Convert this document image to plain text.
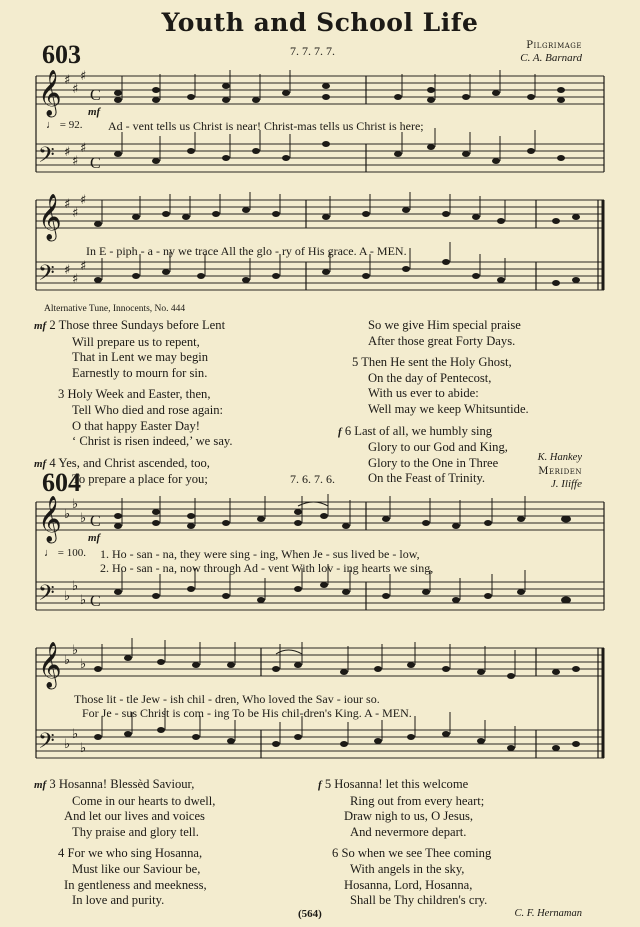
Youth and School Life
603	7. 7. 7. 7.	Pilgrimage
C. A. Barnard
𝄞
𝄢
♯
♯
♯
♯
♯
♯
C
C
mf
♩ = 92. Ad - vent tells us Christ is near! Christ-mas tells us Christ is here;
𝄞
𝄢
♯
♯
♯
♯
♯
♯
In E - piph - a - ny we trace All the glo - ry of His grace. A - MEN.
Alternative Tune, Innocents, No. 444
mf 2 Those three Sundays before Lent
Will prepare us to repent,
That in Lent we may begin
Earnestly to mourn for sin.
3 Holy Week and Easter, then,
Tell Who died and rose again:
O that happy Easter Day!
‘ Christ is risen indeed,’ we say.
mf 4 Yes, and Christ ascended, too,
To prepare a place for you;
So we give Him special praise
After those great Forty Days.
5 Then He sent the Holy Ghost,
On the day of Pentecost,
With us ever to abide:
Well may we keep Whitsuntide.
f 6 Last of all, we humbly sing
Glory to our God and King,
Glory to the One in Three
On the Feast of Trinity.
K. Hankey
604	7. 6. 7. 6.
Meriden
J. Iliffe
𝄞
𝄢
♭
♭
♭
♭
♭
♭
C
C
mf
♩ = 100. 1. Ho - san - na, they were sing - ing, When Je - sus lived be - low,
2. Ho - san - na, now through Ad - vent With lov - ing hearts we sing,
𝄞
𝄢
♭
♭
♭
♭
♭
♭
Those lit - tle Jew - ish chil - dren, Who loved the Sav - iour so.
For Je - sus Christ is com - ing To be His chil-dren's King. A - MEN.
mf 3 Hosanna! Blessèd Saviour,
Come in our hearts to dwell,
And let our lives and voices
Thy praise and glory tell.
4 For we who sing Hosanna,
Must like our Saviour be,
In gentleness and meekness,
In love and purity.
f 5 Hosanna! let this welcome
Ring out from every heart;
Draw nigh to us, O Jesus,
And nevermore depart.
6 So when we see Thee coming
With angels in the sky,
Hosanna, Lord, Hosanna,
Shall be Thy children's cry.
(564)	C. F. Hernaman
